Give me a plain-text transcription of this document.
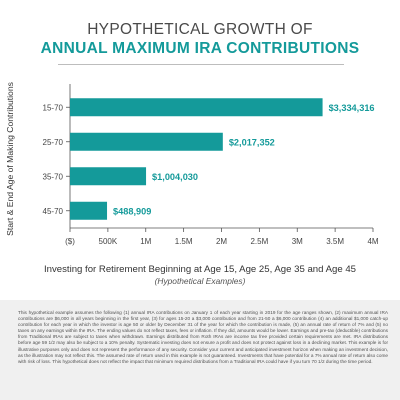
HYPOTHETICAL GROWTH OF
ANNUAL MAXIMUM IRA CONTRIBUTIONS
Start & End Age of Making Contributions
($)	500K	1M	1.5M	2M	2.5M	3M	3.5M	4M
15-70	$3,334,316
25-70	$2,017,352
35-70	$1,004,030
45-70	$488,909
Investing for Retirement Beginning at Age 15, Age 25, Age 35 and Age 45
(Hypothetical Examples)
This hypothetical example assumes the following (1) annual IRA contributions on January 1 of each year starting in 2019 for the age ranges shown, (2) maximum annual IRA contributions are $6,000 in all years beginning in the first year, (3) for ages 15-20 a $3,000 contribution and from 21-50 a $6,000 contribution (4) an additional $1,000 catch-up contribution for each year in which the investor is age 50 or older by December 31 of the year for which the contribution is made, (5) an annual rate of return of 7% and (5) no taxes on any earnings within the IRA. The ending values do not reflect taxes, fees or inflation. If they did, amounts would be lower. Earnings and pre-tax (deductible) contributions from Traditional IRAs are subject to taxes when withdrawn. Earnings distributed from Roth IRAs are income tax free provided certain requirements are met. IRA distributions before age 59 1/2 may also be subject to a 10% penalty. Systematic investing does not ensure a profit and does not protect against loss in a declining market. This example is for illustrative purposes only and does not represent the performance of any security. Consider your current and anticipated investment horizon when making an investment decision, as the illustration may not reflect this. The assumed rate of return used in this example is not guaranteed. Investments that have potential for a 7% annual rate of return also come with risk of loss. This hypothetical does not reflect the impact that minimum required distributions from a Traditional IRA could have if you turn 70 1/2 during the time period.
